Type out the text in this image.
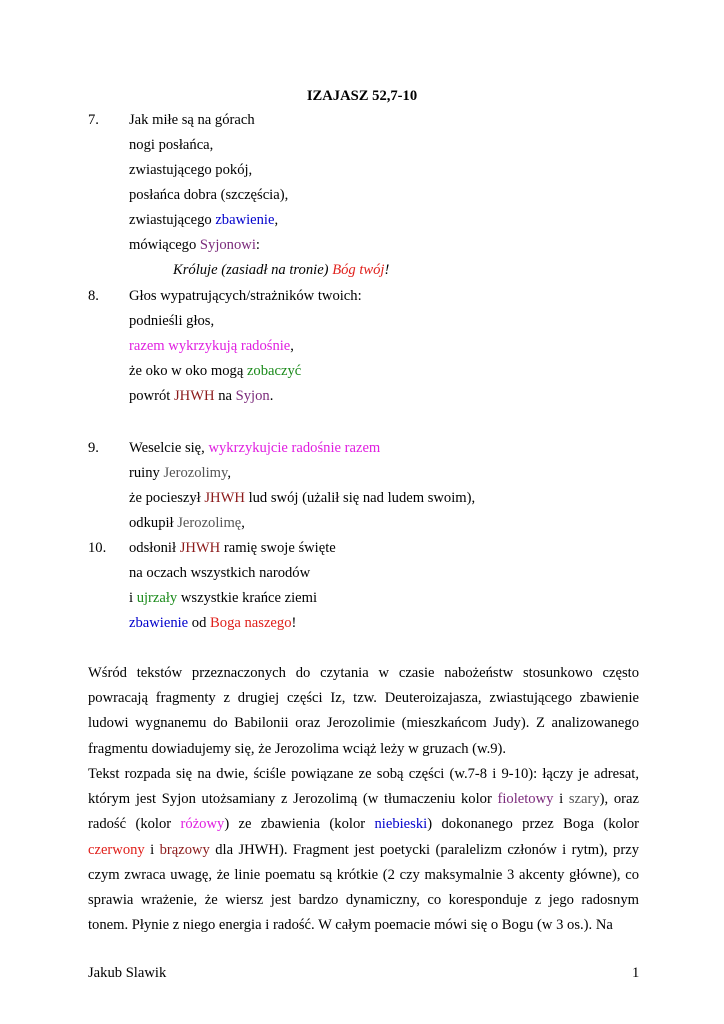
IZAJASZ 52,7-10
7. Jak miłe są na górach
nogi posłańca,
zwiastującego pokój,
posłańca dobra (szczęścia),
zwiastującego zbawienie,
mówiącego Syjonowi:
Króluje (zasiadł na tronie) Bóg twój!
8. Głos wypatrujących/strażników twoich:
podnieśli głos,
razem wykrzykują radośnie,
że oko w oko mogą zobaczyć
powrót JHWH na Syjon.
9. Weselcie się, wykrzykujcie radośnie razem
ruiny Jerozolimy,
że pocieszył JHWH lud swój (użalił się nad ludem swoim),
odkupił Jerozolimę,
10. odsłonił JHWH ramię swoje święte
na oczach wszystkich narodów
i ujrzały wszystkie krańce ziemi
zbawienie od Boga naszego!
Wśród tekstów przeznaczonych do czytania w czasie nabożeństw stosunkowo często powracają fragmenty z drugiej części Iz, tzw. Deuteroizajasza, zwiastującego zbawienie ludowi wygnanemu do Babilonii oraz Jerozolimie (mieszkańcom Judy). Z analizowanego fragmentu dowiadujemy się, że Jerozolima wciąż leży w gruzach (w.9).
Tekst rozpada się na dwie, ściśle powiązane ze sobą części (w.7-8 i 9-10): łączy je adresat, którym jest Syjon utożsamiany z Jerozolimą (w tłumaczeniu kolor fioletowy i szary), oraz radość (kolor różowy) ze zbawienia (kolor niebieski) dokonanego przez Boga (kolor czerwony i brązowy dla JHWH). Fragment jest poetycki (paralelizm członów i rytm), przy czym zwraca uwagę, że linie poematu są krótkie (2 czy maksymalnie 3 akcenty główne), co sprawia wrażenie, że wiersz jest bardzo dynamiczny, co koresponduje z jego radosnym tonem. Płynie z niego energia i radość. W całym poemacie mówi się o Bogu (w 3 os.). Na
Jakub Slawik	1
